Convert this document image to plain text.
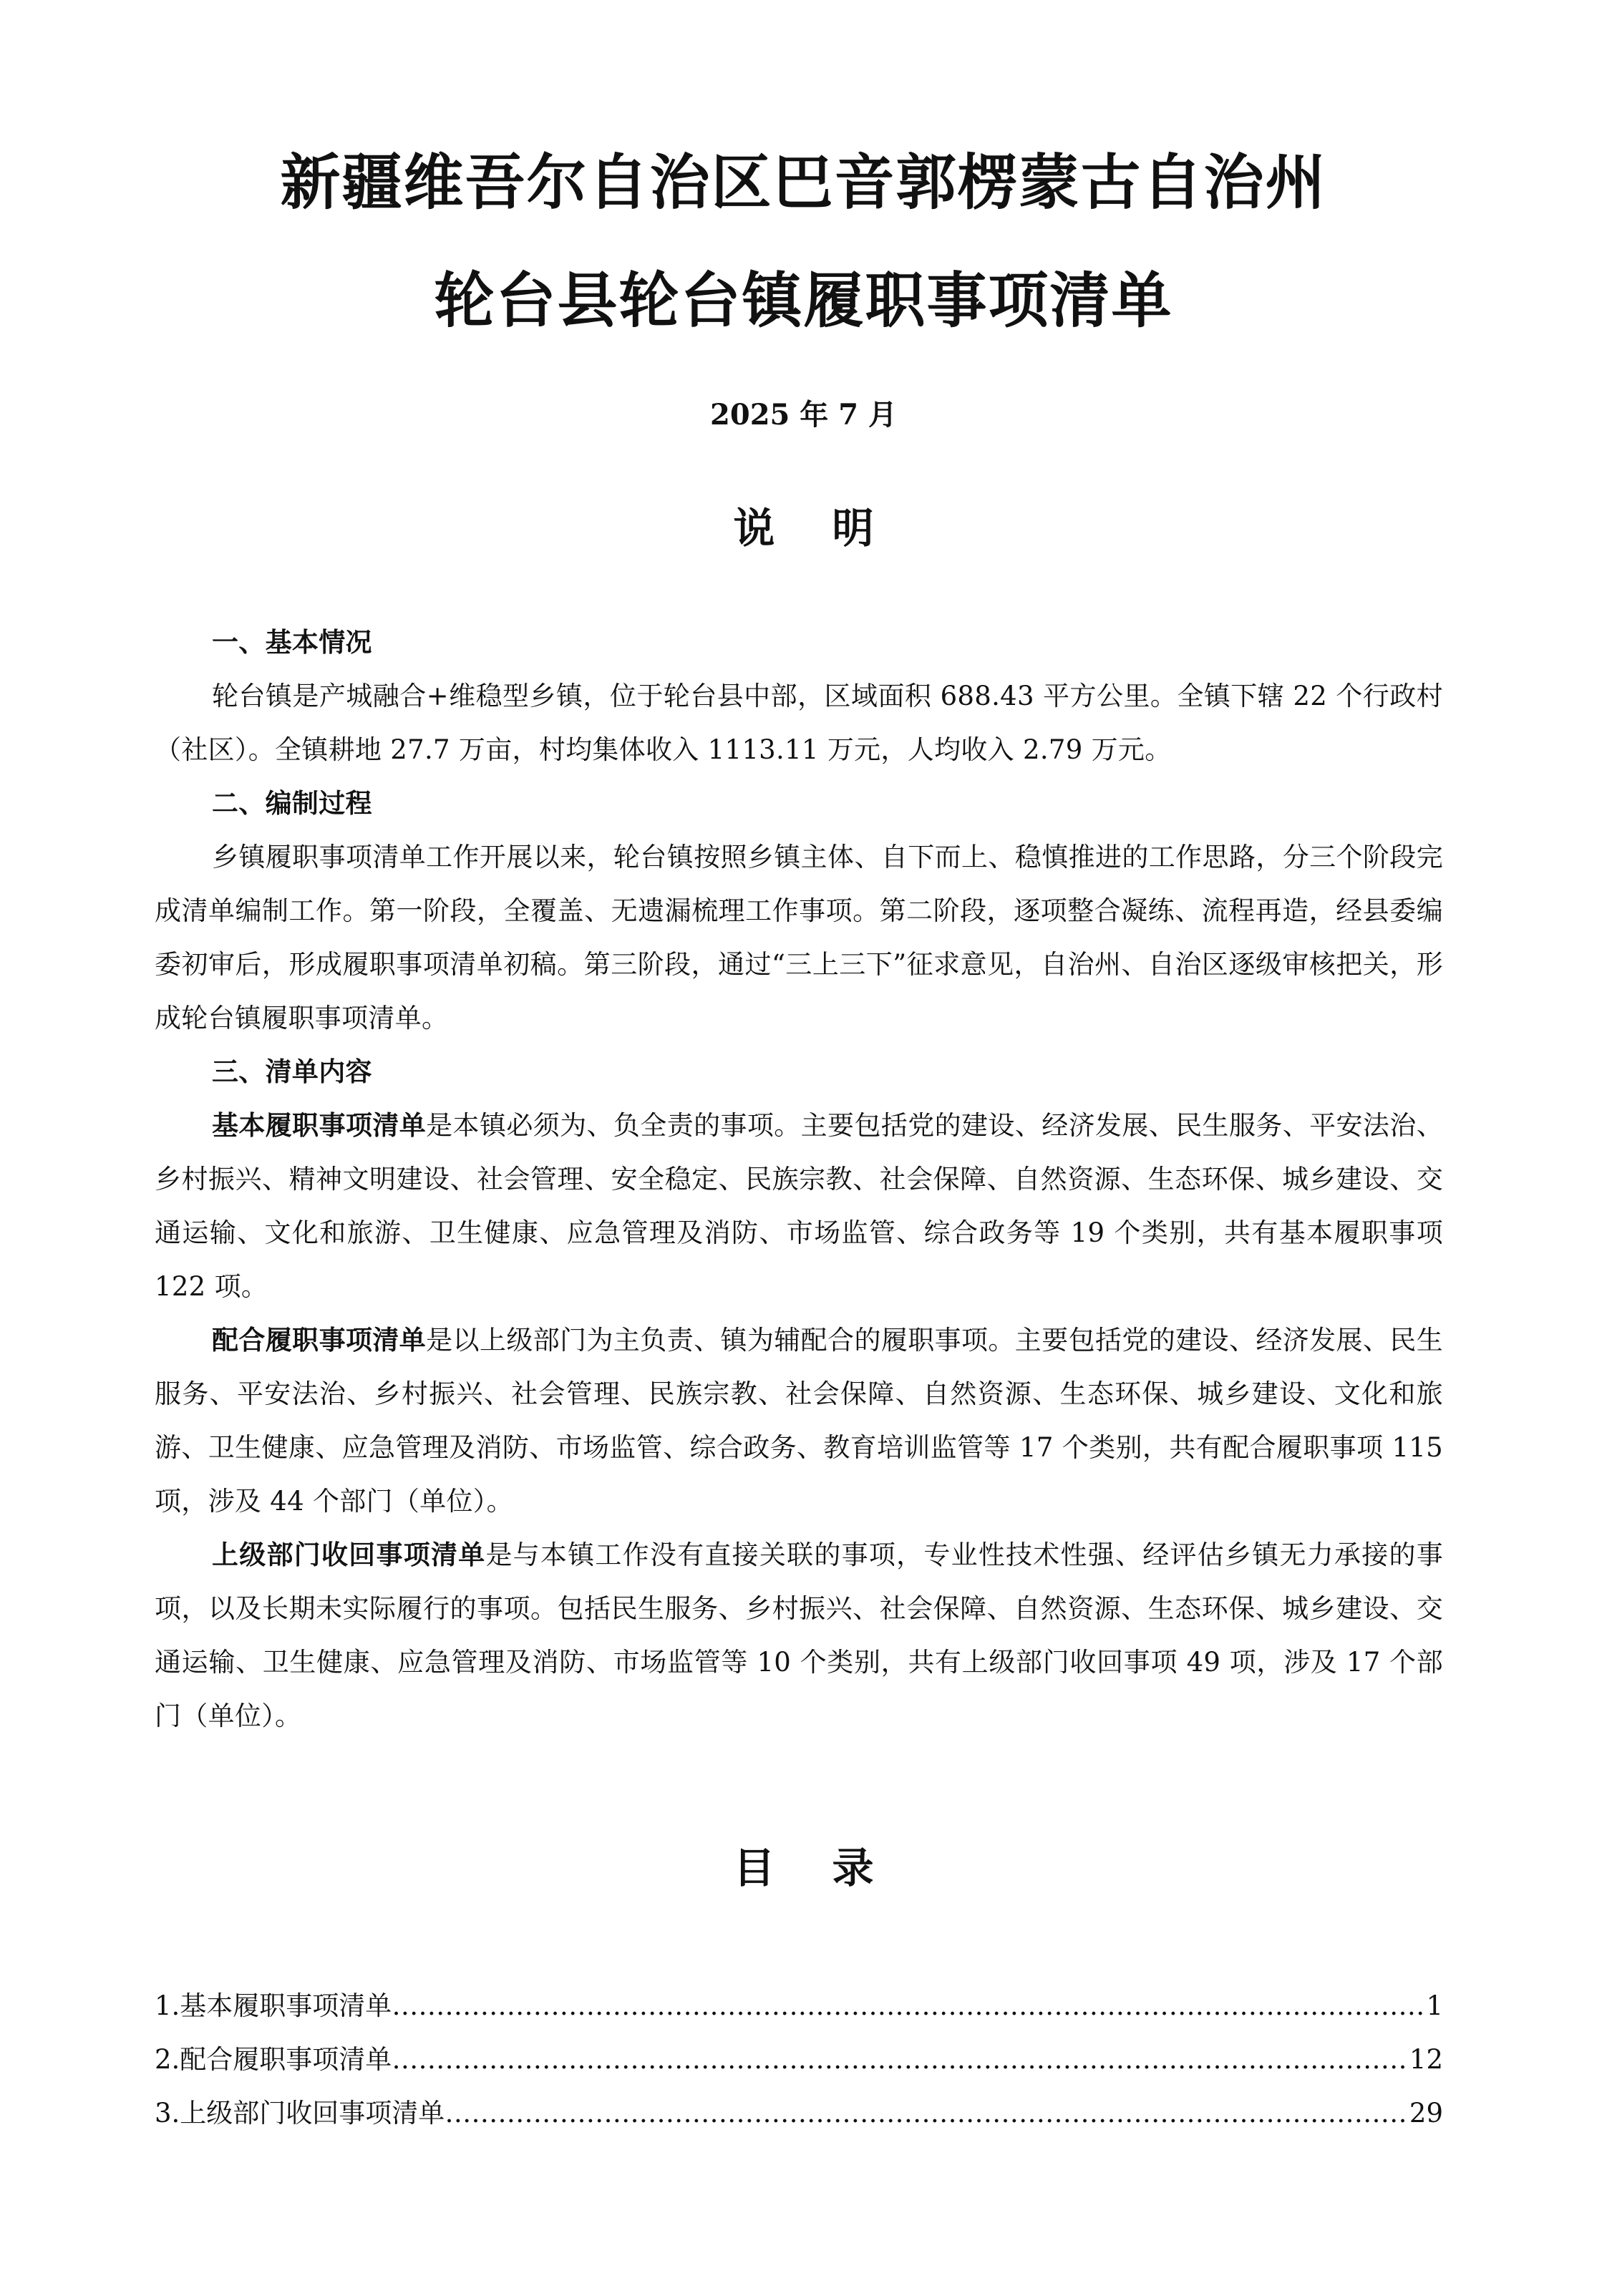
新疆维吾尔自治区巴音郭楞蒙古自治州
轮台县轮台镇履职事项清单
2025 年 7 月
说明
一、基本情况

轮台镇是产城融合+维稳型乡镇，位于轮台县中部，区域面积 688.43 平方公里。全镇下辖 22 个行政村（社区）。全镇耕地 27.7 万亩，村均集体收入 1113.11 万元，人均收入 2.79 万元。

二、编制过程

乡镇履职事项清单工作开展以来，轮台镇按照乡镇主体、自下而上、稳慎推进的工作思路，分三个阶段完成清单编制工作。第一阶段，全覆盖、无遗漏梳理工作事项。第二阶段，逐项整合凝练、流程再造，经县委编委初审后，形成履职事项清单初稿。第三阶段，通过“三上三下”征求意见，自治州、自治区逐级审核把关，形成轮台镇履职事项清单。

三、清单内容

基本履职事项清单是本镇必须为、负全责的事项。主要包括党的建设、经济发展、民生服务、平安法治、乡村振兴、精神文明建设、社会管理、安全稳定、民族宗教、社会保障、自然资源、生态环保、城乡建设、交通运输、文化和旅游、卫生健康、应急管理及消防、市场监管、综合政务等 19 个类别，共有基本履职事项 122 项。

配合履职事项清单是以上级部门为主负责、镇为辅配合的履职事项。主要包括党的建设、经济发展、民生服务、平安法治、乡村振兴、社会管理、民族宗教、社会保障、自然资源、生态环保、城乡建设、文化和旅游、卫生健康、应急管理及消防、市场监管、综合政务、教育培训监管等 17 个类别，共有配合履职事项 115 项，涉及 44 个部门（单位）。

上级部门收回事项清单是与本镇工作没有直接关联的事项，专业性技术性强、经评估乡镇无力承接的事项，以及长期未实际履行的事项。包括民生服务、乡村振兴、社会保障、自然资源、生态环保、城乡建设、交通运输、卫生健康、应急管理及消防、市场监管等 10 个类别，共有上级部门收回事项 49 项，涉及 17 个部门（单位）。

目录
1.基本履职事项清单 ……………………………………………………………………………………………………………………………………………………………………………………………	1
2.配合履职事项清单 ……………………………………………………………………………………………………………………………………………………………………………………………	12
3.上级部门收回事项清单 ……………………………………………………………………………………………………………………………………………………………………………………………	29
